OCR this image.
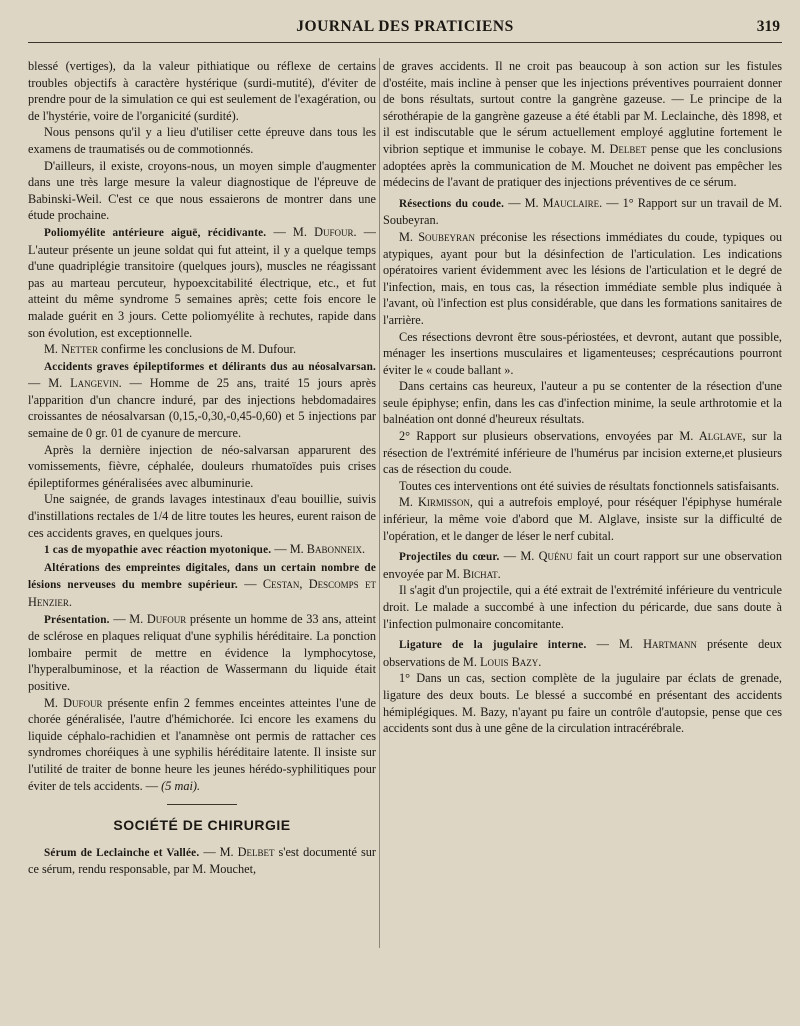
JOURNAL DES PRATICIENS	319

blessé (vertiges), da la valeur pithiatique ou réflexe de certains troubles objectifs à caractère hystérique (surdi-mutité), d'éviter de prendre pour de la simulation ce qui est seulement de l'exagération, ou de l'hystérie, voire de l'organicité (surdité).

Nous pensons qu'il y a lieu d'utiliser cette épreuve dans tous les examens de traumatisés ou de commotionnés.

D'ailleurs, il existe, croyons-nous, un moyen simple d'augmenter dans une très large mesure la valeur diagnostique de l'épreuve de Babinski-Weil. C'est ce que nous essaierons de montrer dans une étude prochaine.

Poliomyélite antérieure aiguë, récidivante. — M. Dufour. — L'auteur présente un jeune soldat qui fut atteint, il y a quelque temps d'une quadriplégie transitoire (quelques jours), muscles ne réagissant pas au marteau percuteur, hypoexcitabilité électrique, etc., et fut atteint du même syndrome 5 semaines après; cette fois encore le malade guérit en 3 jours. Cette poliomyélite à rechutes, rapide dans son évolution, est exceptionnelle.

M. Netter confirme les conclusions de M. Dufour.

Accidents graves épileptiformes et délirants dus au néosalvarsan. — M. Langevin. — Homme de 25 ans, traité 15 jours après l'apparition d'un chancre induré, par des injections hebdomadaires croissantes de néosalvarsan (0,15,-0,30,-0,45-0,60) et 5 injections par semaine de 0 gr. 01 de cyanure de mercure.

Après la dernière injection de néo-salvarsan apparurent des vomissements, fièvre, céphalée, douleurs rhumatoïdes puis crises épileptiformes généralisées avec albuminurie.

Une saignée, de grands lavages intestinaux d'eau bouillie, suivis d'instillations rectales de 1/4 de litre toutes les heures, eurent raison de ces accidents graves, en quelques jours.

1 cas de myopathie avec réaction myotonique. — M. Babonneix.

Altérations des empreintes digitales, dans un certain nombre de lésions nerveuses du membre supérieur. — Cestan, Descomps et Henzier.

Présentation. — M. Dufour présente un homme de 33 ans, atteint de sclérose en plaques reliquat d'une syphilis héréditaire. La ponction lombaire permit de mettre en évidence la lymphocytose, l'hyperalbuminose, et la réaction de Wassermann du liquide était positive.

M. Dufour présente enfin 2 femmes enceintes atteintes l'une de chorée généralisée, l'autre d'hémichorée. Ici encore les examens du liquide céphalo-rachidien et l'anamnèse ont permis de rattacher ces syndromes choréiques à une syphilis héréditaire latente. Il insiste sur l'utilité de traiter de bonne heure les jeunes hérédo-syphilitiques pour éviter de tels accidents. — (5 mai).

SOCIÉTÉ DE CHIRURGIE

Sérum de Leclainche et Vallée. — M. Delbet s'est documenté sur ce sérum, rendu responsable, par M. Mouchet,

de graves accidents. Il ne croit pas beaucoup à son action sur les fistules d'ostéite, mais incline à penser que les injections préventives pourraient donner de bons résultats, surtout contre la gangrène gazeuse. — Le principe de la sérothérapie de la gangrène gazeuse a été établi par M. Leclainche, dès 1898, et il est indiscutable que le sérum actuellement employé agglutine fortement le vibrion septique et immunise le cobaye. M. Delbet pense que les conclusions adoptées après la communication de M. Mouchet ne doivent pas empêcher les médecins de l'avant de pratiquer des injections préventives de ce sérum.

Résections du coude. — M. Mauclaire. — 1° Rapport sur un travail de M. Soubeyran.

M. Soubeyran préconise les résections immédiates du coude, typiques ou atypiques, ayant pour but la désinfection de l'articulation. Les indications opératoires varient évidemment avec les lésions de l'articulation et le degré de l'infection, mais, en tous cas, la résection immédiate semble plus indiquée à l'avant, où l'infection est plus considérable, que dans les formations sanitaires de l'arrière.

Ces résections devront être sous-périostées, et devront, autant que possible, ménager les insertions musculaires et ligamenteuses; cesprécautions pourront éviter le « coude ballant ».

Dans certains cas heureux, l'auteur a pu se contenter de la résection d'une seule épiphyse; enfin, dans les cas d'infection minime, la seule arthrotomie et la balnéation ont donné d'heureux résultats.

2° Rapport sur plusieurs observations, envoyées par M. Alglave, sur la résection de l'extrémité inférieure de l'humérus par incision externe,et plusieurs cas de résection du coude.

Toutes ces interventions ont été suivies de résultats fonctionnels satisfaisants.

M. Kirmisson, qui a autrefois employé, pour réséquer l'épiphyse humérale inférieur, la même voie d'abord que M. Alglave, insiste sur la difficulté de l'opération, et le danger de léser le nerf cubital.

Projectiles du cœur. — M. Quénu fait un court rapport sur une observation envoyée par M. Bichat.

Il s'agit d'un projectile, qui a été extrait de l'extrémité inférieure du ventricule droit. Le malade a succombé à une infection du péricarde, due sans doute à l'infection pulmonaire concomitante.

Ligature de la jugulaire interne. — M. Hartmann présente deux observations de M. Louis Bazy.

1° Dans un cas, section complète de la jugulaire par éclats de grenade, ligature des deux bouts. Le blessé a succombé en présentant des accidents hémiplégiques. M. Bazy, n'ayant pu faire un contrôle d'autopsie, pense que ces accidents sont dus à une gêne de la circulation intracérébrale.
